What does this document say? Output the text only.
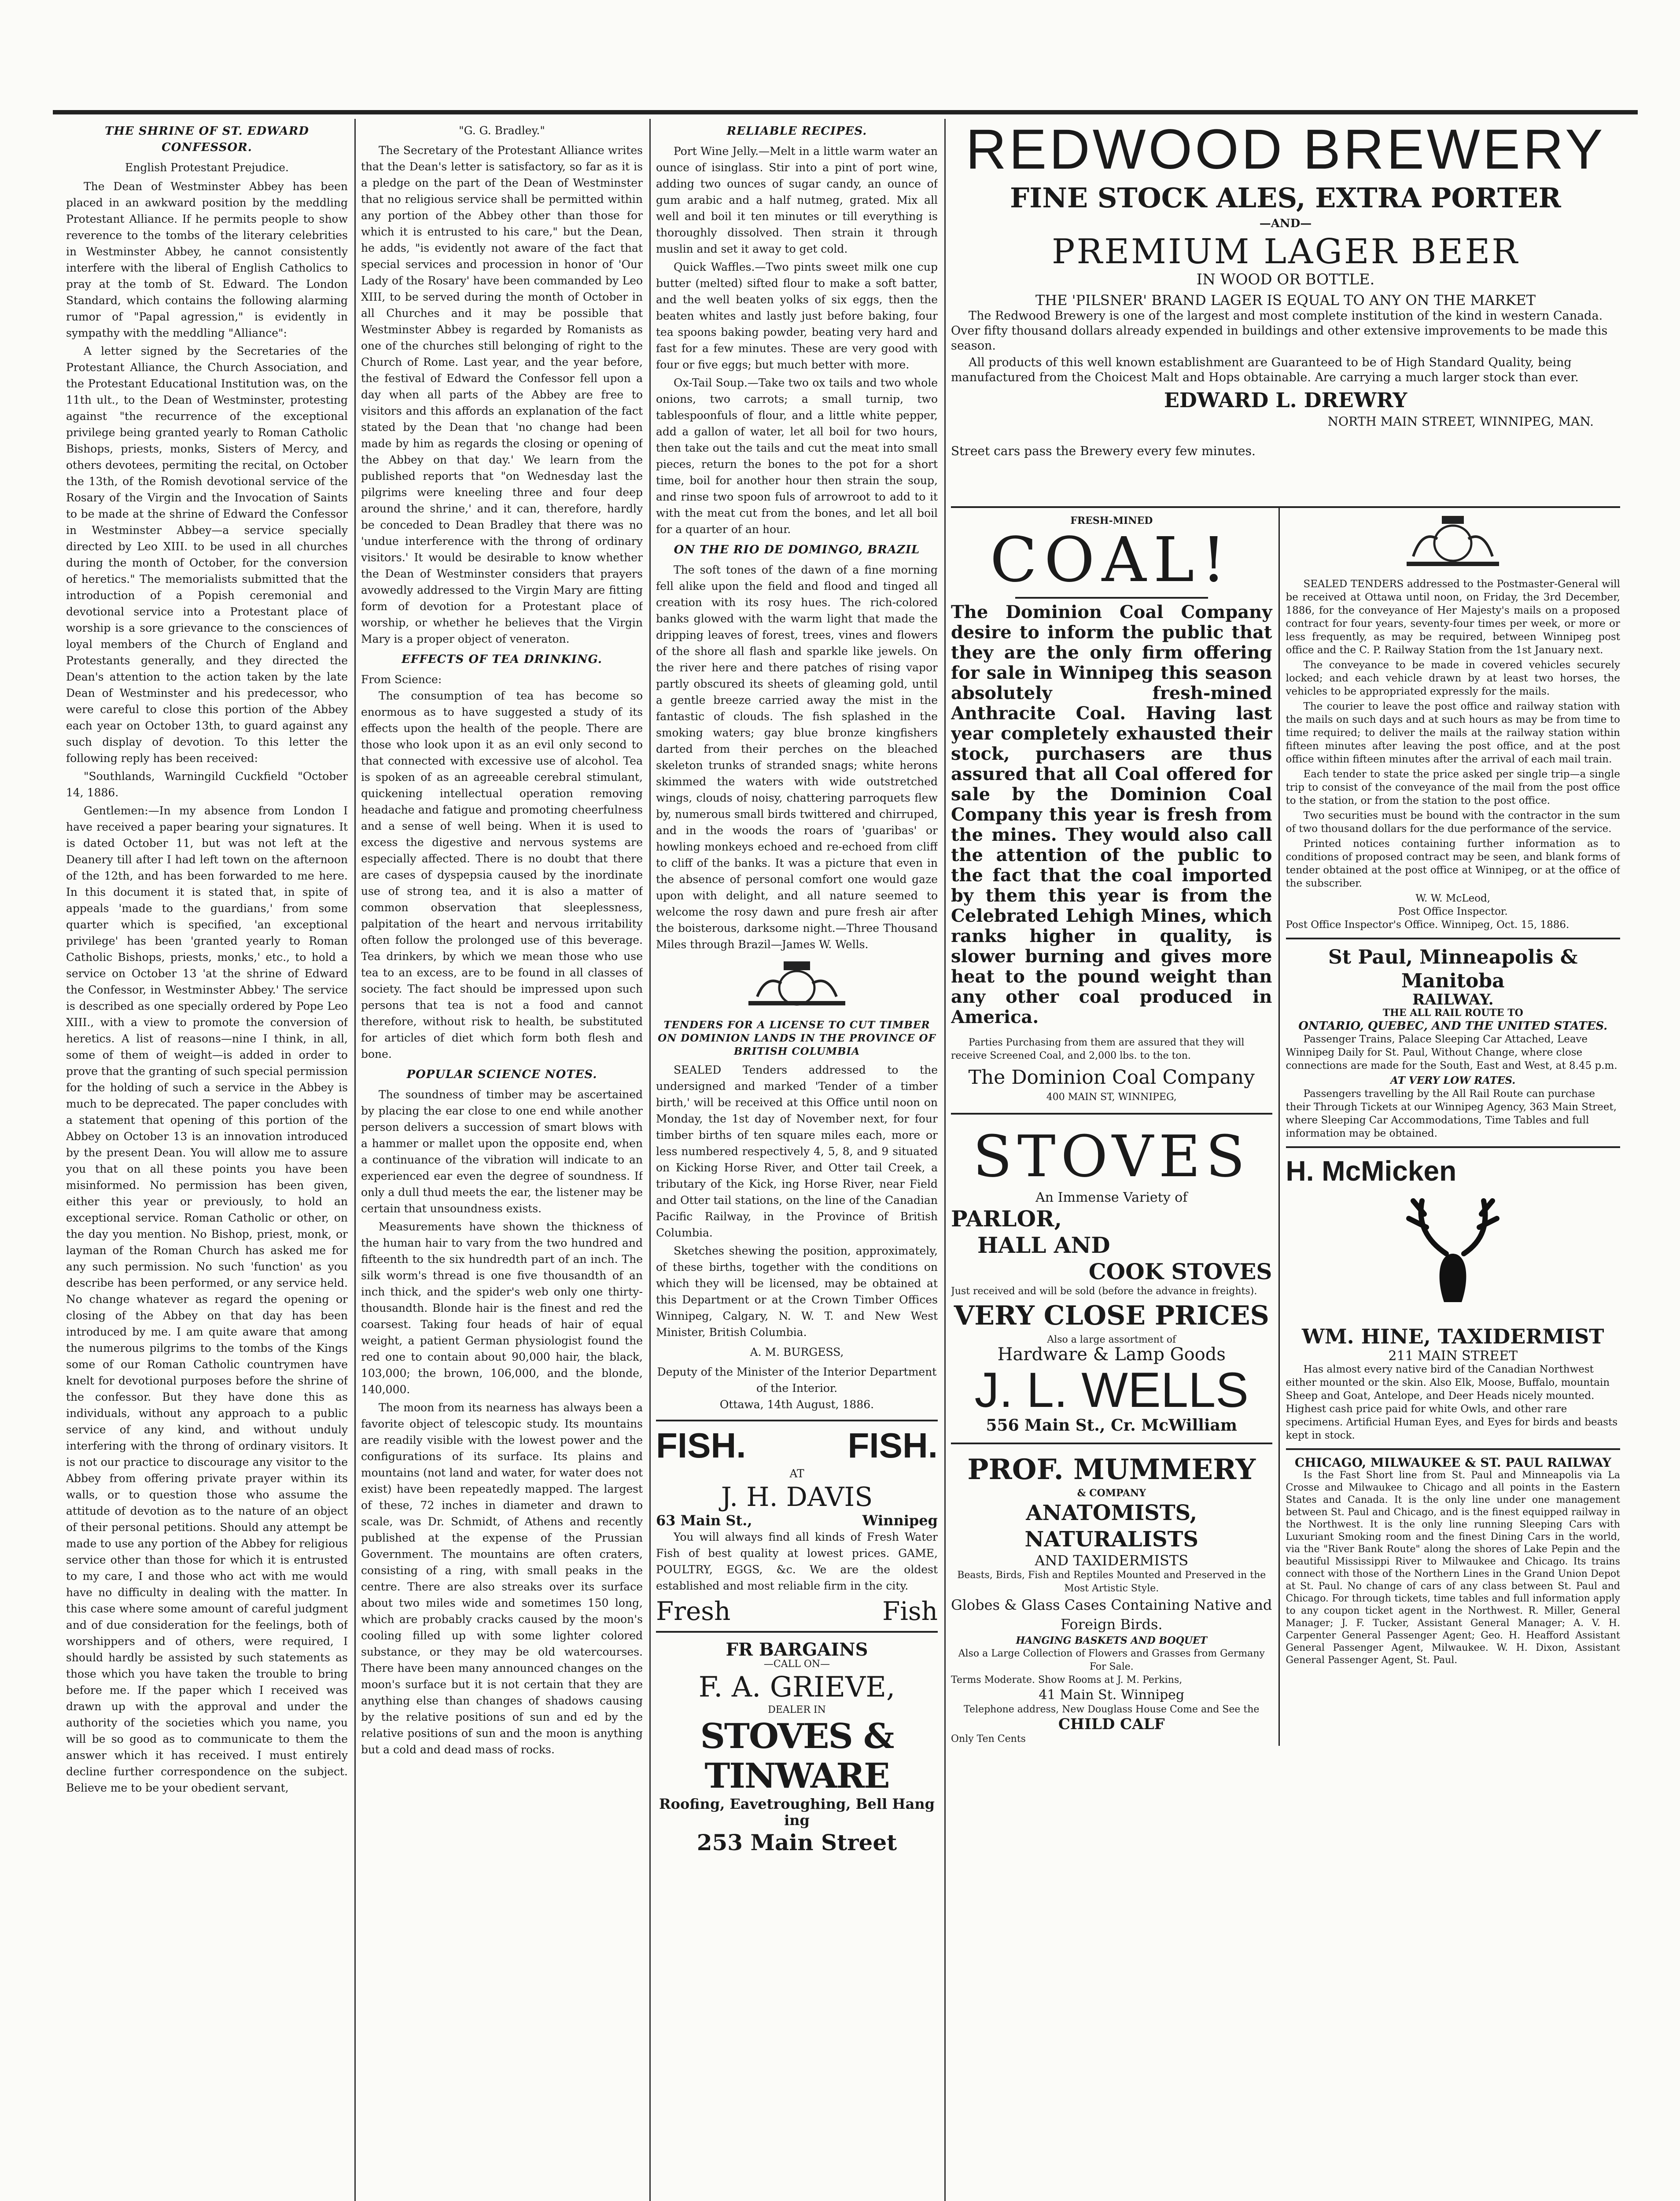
THE SHRINE OF ST. EDWARD CONFESSOR.
English Protestant Prejudice.

The Dean of Westminster Abbey has been placed in an awkward position by the meddling Protestant Alliance. If he permits people to show reverence to the tombs of the literary celebrities in Westminster Abbey, he cannot consistently interfere with the liberal of English Catholics to pray at the tomb of St. Edward. The London Standard, which contains the following alarming rumor of "Papal agression," is evidently in sympathy with the meddling "Alliance":

A letter signed by the Secretaries of the Protestant Alliance, the Church Association, and the Protestant Educational Institution was, on the 11th ult., to the Dean of Westminster, protesting against "the recurrence of the exceptional privilege being granted yearly to Roman Catholic Bishops, priests, monks, Sisters of Mercy, and others devotees, permiting the recital, on October the 13th, of the Romish devotional service of the Rosary of the Virgin and the Invocation of Saints to be made at the shrine of Edward the Confessor in Westminster Abbey—a service specially directed by Leo XIII. to be used in all churches during the month of October, for the conversion of heretics." The memorialists submitted that the introduction of a Popish ceremonial and devotional service into a Protestant place of worship is a sore grievance to the consciences of loyal members of the Church of England and Protestants generally, and they directed the Dean's attention to the action taken by the late Dean of Westminster and his predecessor, who were careful to close this portion of the Abbey each year on October 13th, to guard against any such display of devotion. To this letter the following reply has been received:

"Southlands, Warningild Cuckfield "October 14, 1886.

Gentlemen:—In my absence from London I have received a paper bearing your signatures. It is dated October 11, but was not left at the Deanery till after I had left town on the afternoon of the 12th, and has been forwarded to me here. In this document it is stated that, in spite of appeals 'made to the guardians,' from some quarter which is specified, 'an exceptional privilege' has been 'granted yearly to Roman Catholic Bishops, priests, monks,' etc., to hold a service on October 13 'at the shrine of Edward the Confessor, in Westminster Abbey.' The service is described as one specially ordered by Pope Leo XIII., with a view to promote the conversion of heretics. A list of reasons—nine I think, in all, some of them of weight—is added in order to prove that the granting of such special permission for the holding of such a service in the Abbey is much to be deprecated. The paper concludes with a statement that opening of this portion of the Abbey on October 13 is an innovation introduced by the present Dean. You will allow me to assure you that on all these points you have been misinformed. No permission has been given, either this year or previously, to hold an exceptional service. Roman Catholic or other, on the day you mention. No Bishop, priest, monk, or layman of the Roman Church has asked me for any such permission. No such 'function' as you describe has been performed, or any service held. No change whatever as regard the opening or closing of the Abbey on that day has been introduced by me. I am quite aware that among the numerous pilgrims to the tombs of the Kings some of our Roman Catholic countrymen have knelt for devotional purposes before the shrine of the confessor. But they have done this as individuals, without any approach to a public service of any kind, and without unduly interfering with the throng of ordinary visitors. It is not our practice to discourage any visitor to the Abbey from offering private prayer within its walls, or to question those who assume the attitude of devotion as to the nature of an object of their personal petitions. Should any attempt be made to use any portion of the Abbey for religious service other than those for which it is entrusted to my care, I and those who act with me would have no difficulty in dealing with the matter. In this case where some amount of careful judgment and of due consideration for the feelings, both of worshippers and of others, were required, I should hardly be assisted by such statements as those which you have taken the trouble to bring before me. If the paper which I received was drawn up with the approval and under the authority of the societies which you name, you will be so good as to communicate to them the answer which it has received. I must entirely decline further correspondence on the subject. Believe me to be your obedient servant,

"G. G. Bradley."

The Secretary of the Protestant Alliance writes that the Dean's letter is satisfactory, so far as it is a pledge on the part of the Dean of Westminster that no religious service shall be permitted within any portion of the Abbey other than those for which it is entrusted to his care," but the Dean, he adds, "is evidently not aware of the fact that special services and procession in honor of 'Our Lady of the Rosary' have been commanded by Leo XIII, to be served during the month of October in all Churches and it may be possible that Westminster Abbey is regarded by Romanists as one of the churches still belonging of right to the Church of Rome. Last year, and the year before, the festival of Edward the Confessor fell upon a day when all parts of the Abbey are free to visitors and this affords an explanation of the fact stated by the Dean that 'no change had been made by him as regards the closing or opening of the Abbey on that day.' We learn from the published reports that "on Wednesday last the pilgrims were kneeling three and four deep around the shrine,' and it can, therefore, hardly be conceded to Dean Bradley that there was no 'undue interference with the throng of ordinary visitors.' It would be desirable to know whether the Dean of Westminster considers that prayers avowedly addressed to the Virgin Mary are fitting form of devotion for a Protestant place of worship, or whether he believes that the Virgin Mary is a proper object of veneraton.

EFFECTS OF TEA DRINKING.
From Science:

The consumption of tea has become so enormous as to have suggested a study of its effects upon the health of the people. There are those who look upon it as an evil only second to that connected with excessive use of alcohol. Tea is spoken of as an agreeable cerebral stimulant, quickening intellectual operation removing headache and fatigue and promoting cheerfulness and a sense of well being. When it is used to excess the digestive and nervous systems are especially affected. There is no doubt that there are cases of dyspepsia caused by the inordinate use of strong tea, and it is also a matter of common observation that sleeplessness, palpitation of the heart and nervous irritability often follow the prolonged use of this beverage. Tea drinkers, by which we mean those who use tea to an excess, are to be found in all classes of society. The fact should be impressed upon such persons that tea is not a food and cannot therefore, without risk to health, be substituted for articles of diet which form both flesh and bone.

POPULAR SCIENCE NOTES.

The soundness of timber may be ascertained by placing the ear close to one end while another person delivers a succession of smart blows with a hammer or mallet upon the opposite end, when a continuance of the vibration will indicate to an experienced ear even the degree of soundness. If only a dull thud meets the ear, the listener may be certain that unsoundness exists.

Measurements have shown the thickness of the human hair to vary from the two hundred and fifteenth to the six hundredth part of an inch. The silk worm's thread is one five thousandth of an inch thick, and the spider's web only one thirty-thousandth. Blonde hair is the finest and red the coarsest. Taking four heads of hair of equal weight, a patient German physiologist found the red one to contain about 90,000 hair, the black, 103,000; the brown, 106,000, and the blonde, 140,000.

The moon from its nearness has always been a favorite object of telescopic study. Its mountains are readily visible with the lowest power and the configurations of its surface. Its plains and mountains (not land and water, for water does not exist) have been repeatedly mapped. The largest of these, 72 inches in diameter and drawn to scale, was Dr. Schmidt, of Athens and recently published at the expense of the Prussian Government. The mountains are often craters, consisting of a ring, with small peaks in the centre. There are also streaks over its surface about two miles wide and sometimes 150 long, which are probably cracks caused by the moon's cooling filled up with some lighter colored substance, or they may be old watercourses. There have been many announced changes on the moon's surface but it is not certain that they are anything else than changes of shadows causing by the relative positions of sun and ed by the relative positions of sun and the moon is anything but a cold and dead mass of rocks.

RELIABLE RECIPES.

Port Wine Jelly.—Melt in a little warm water an ounce of isinglass. Stir into a pint of port wine, adding two ounces of sugar candy, an ounce of gum arabic and a half nutmeg, grated. Mix all well and boil it ten minutes or till everything is thoroughly dissolved. Then strain it through muslin and set it away to get cold.

Quick Waffles.—Two pints sweet milk one cup butter (melted) sifted flour to make a soft batter, and the well beaten yolks of six eggs, then the beaten whites and lastly just before baking, four tea spoons baking powder, beating very hard and fast for a few minutes. These are very good with four or five eggs; but much better with more.

Ox-Tail Soup.—Take two ox tails and two whole onions, two carrots; a small turnip, two tablespoonfuls of flour, and a little white pepper, add a gallon of water, let all boil for two hours, then take out the tails and cut the meat into small pieces, return the bones to the pot for a short time, boil for another hour then strain the soup, and rinse two spoon fuls of arrowroot to add to it with the meat cut from the bones, and let all boil for a quarter of an hour.

ON THE RIO DE DOMINGO, BRAZIL

The soft tones of the dawn of a fine morning fell alike upon the field and flood and tinged all creation with its rosy hues. The rich-colored banks glowed with the warm light that made the dripping leaves of forest, trees, vines and flowers of the shore all flash and sparkle like jewels. On the river here and there patches of rising vapor partly obscured its sheets of gleaming gold, until a gentle breeze carried away the mist in the fantastic of clouds. The fish splashed in the smoking waters; gay blue bronze kingfishers darted from their perches on the bleached skeleton trunks of stranded snags; white herons skimmed the waters with wide outstretched wings, clouds of noisy, chattering parroquets flew by, numerous small birds twittered and chirruped, and in the woods the roars of 'guaribas' or howling monkeys echoed and re-echoed from cliff to cliff of the banks. It was a picture that even in the absence of personal comfort one would gaze upon with delight, and all nature seemed to welcome the rosy dawn and pure fresh air after the boisterous, darksome night.—Three Thousand Miles through Brazil—James W. Wells.

TENDERS FOR A LICENSE TO CUT TIMBER ON DOMINION LANDS IN THE PROVINCE OF BRITISH COLUMBIA

SEALED Tenders addressed to the undersigned and marked 'Tender of a timber birth,' will be received at this Office until noon on Monday, the 1st day of November next, for four timber births of ten square miles each, more or less numbered respectively 4, 5, 8, and 9 situated on Kicking Horse River, and Otter tail Creek, a tributary of the Kick, ing Horse River, near Field and Otter tail stations, on the line of the Canadian Pacific Railway, in the Province of British Columbia.

Sketches shewing the position, approximately, of these births, together with the conditions on which they will be licensed, may be obtained at this Department or at the Crown Timber Offices Winnipeg, Calgary, N. W. T. and New West Minister, British Columbia.

A. M. BURGESS,
Deputy of the Minister of the Interior Department of the Interior.
Ottawa, 14th August, 1886.
FISH.	FISH.
AT
J. H. DAVIS
63 Main St.,	Winnipeg

You will always find all kinds of Fresh Water Fish of best quality at lowest prices. GAME, POULTRY, EGGS, &c. We are the oldest established and most reliable firm in the city.

Fresh	Fish
FR BARGAINS
—CALL ON—
F. A. GRIEVE,
DEALER IN
STOVES & TINWARE
Roofing, Eavetroughing, Bell Hang ing
253 Main Street
REDWOOD BREWERY
FINE STOCK ALES, EXTRA PORTER
—AND—
PREMIUM LAGER BEER
IN WOOD OR BOTTLE.
THE 'PILSNER' BRAND LAGER IS EQUAL TO ANY ON THE MARKET

The Redwood Brewery is one of the largest and most complete institution of the kind in western Canada. Over fifty thousand dollars already expended in buildings and other extensive improvements to be made this season.

All products of this well known establishment are Guaranteed to be of High Standard Quality, being manufactured from the Choicest Malt and Hops obtainable. Are carrying a much larger stock than ever.

EDWARD L. DREWRY
NORTH MAIN STREET, WINNIPEG, MAN.
Street cars pass the Brewery every few minutes.
FRESH-MINED
COAL!
The Dominion Coal Company desire to inform the public that they are the only firm offering for sale in Winnipeg this season absolutely fresh-mined Anthracite Coal. Having last year completely exhausted their stock, purchasers are thus assured that all Coal offered for sale by the Dominion Coal Company this year is fresh from the mines. They would also call the attention of the public to the fact that the coal imported by them this year is from the Celebrated Lehigh Mines, which ranks higher in quality, is slower burning and gives more heat to the pound weight than any other coal produced in America.

Parties Purchasing from them are assured that they will receive Screened Coal, and 2,000 lbs. to the ton.

The Dominion Coal Company
400 MAIN ST, WINNIPEG,
STOVES
An Immense Variety of
PARLOR,
HALL AND
COOK STOVES
Just received and will be sold (before the advance in freights).
VERY CLOSE PRICES
Also a large assortment of
Hardware & Lamp Goods
J. L. WELLS
556 Main St., Cr. McWilliam
PROF. MUMMERY
& COMPANY
ANATOMISTS, NATURALISTS
AND TAXIDERMISTS
Beasts, Birds, Fish and Reptiles Mounted and Preserved in the Most Artistic Style.
Globes & Glass Cases Containing Native and Foreign Birds.
HANGING BASKETS AND BOQUET
Also a Large Collection of Flowers and Grasses from Germany For Sale.
Terms Moderate. Show Rooms at J. M. Perkins,
41 Main St. Winnipeg
Telephone address, New Douglass House Come and See the
CHILD CALF
Only Ten Cents

SEALED TENDERS addressed to the Postmaster-General will be received at Ottawa until noon, on Friday, the 3rd December, 1886, for the conveyance of Her Majesty's mails on a proposed contract for four years, seventy-four times per week, or more or less frequently, as may be required, between Winnipeg post office and the C. P. Railway Station from the 1st January next.

The conveyance to be made in covered vehicles securely locked; and each vehicle drawn by at least two horses, the vehicles to be appropriated expressly for the mails.

The courier to leave the post office and railway station with the mails on such days and at such hours as may be from time to time required; to deliver the mails at the railway station within fifteen minutes after leaving the post office, and at the post office within fifteen minutes after the arrival of each mail train.

Each tender to state the price asked per single trip—a single trip to consist of the conveyance of the mail from the post office to the station, or from the station to the post office.

Two securities must be bound with the contractor in the sum of two thousand dollars for the due performance of the service.

Printed notices containing further information as to conditions of proposed contract may be seen, and blank forms of tender obtained at the post office at Winnipeg, or at the office of the subscriber.

W. W. McLeod,
Post Office Inspector.
Post Office Inspector's Office. Winnipeg, Oct. 15, 1886.
St Paul, Minneapolis & Manitoba
RAILWAY.
THE ALL RAIL ROUTE TO
ONTARIO, QUEBEC, AND THE UNITED STATES.

Passenger Trains, Palace Sleeping Car Attached, Leave Winnipeg Daily for St. Paul, Without Change, where close connections are made for the South, East and West, at 8.45 p.m.

AT VERY LOW RATES.

Passengers travelling by the All Rail Route can purchase their Through Tickets at our Winnipeg Agency, 363 Main Street, where Sleeping Car Accommodations, Time Tables and full information may be obtained.

H. McMicken
WM. HINE, TAXIDERMIST
211 MAIN STREET

Has almost every native bird of the Canadian Northwest either mounted or the skin. Also Elk, Moose, Buffalo, mountain Sheep and Goat, Antelope, and Deer Heads nicely mounted. Highest cash price paid for white Owls, and other rare specimens. Artificial Human Eyes, and Eyes for birds and beasts kept in stock.

CHICAGO, MILWAUKEE & ST. PAUL RAILWAY

Is the Fast Short line from St. Paul and Minneapolis via La Crosse and Milwaukee to Chicago and all points in the Eastern States and Canada. It is the only line under one management between St. Paul and Chicago, and is the finest equipped railway in the Northwest. It is the only line running Sleeping Cars with Luxuriant Smoking room and the finest Dining Cars in the world, via the "River Bank Route" along the shores of Lake Pepin and the beautiful Mississippi River to Milwaukee and Chicago. Its trains connect with those of the Northern Lines in the Grand Union Depot at St. Paul. No change of cars of any class between St. Paul and Chicago. For through tickets, time tables and full information apply to any coupon ticket agent in the Northwest. R. Miller, General Manager; J. F. Tucker, Assistant General Manager; A. V. H. Carpenter General Passenger Agent; Geo. H. Heafford Assistant General Passenger Agent, Milwaukee. W. H. Dixon, Assistant General Passenger Agent, St. Paul.
